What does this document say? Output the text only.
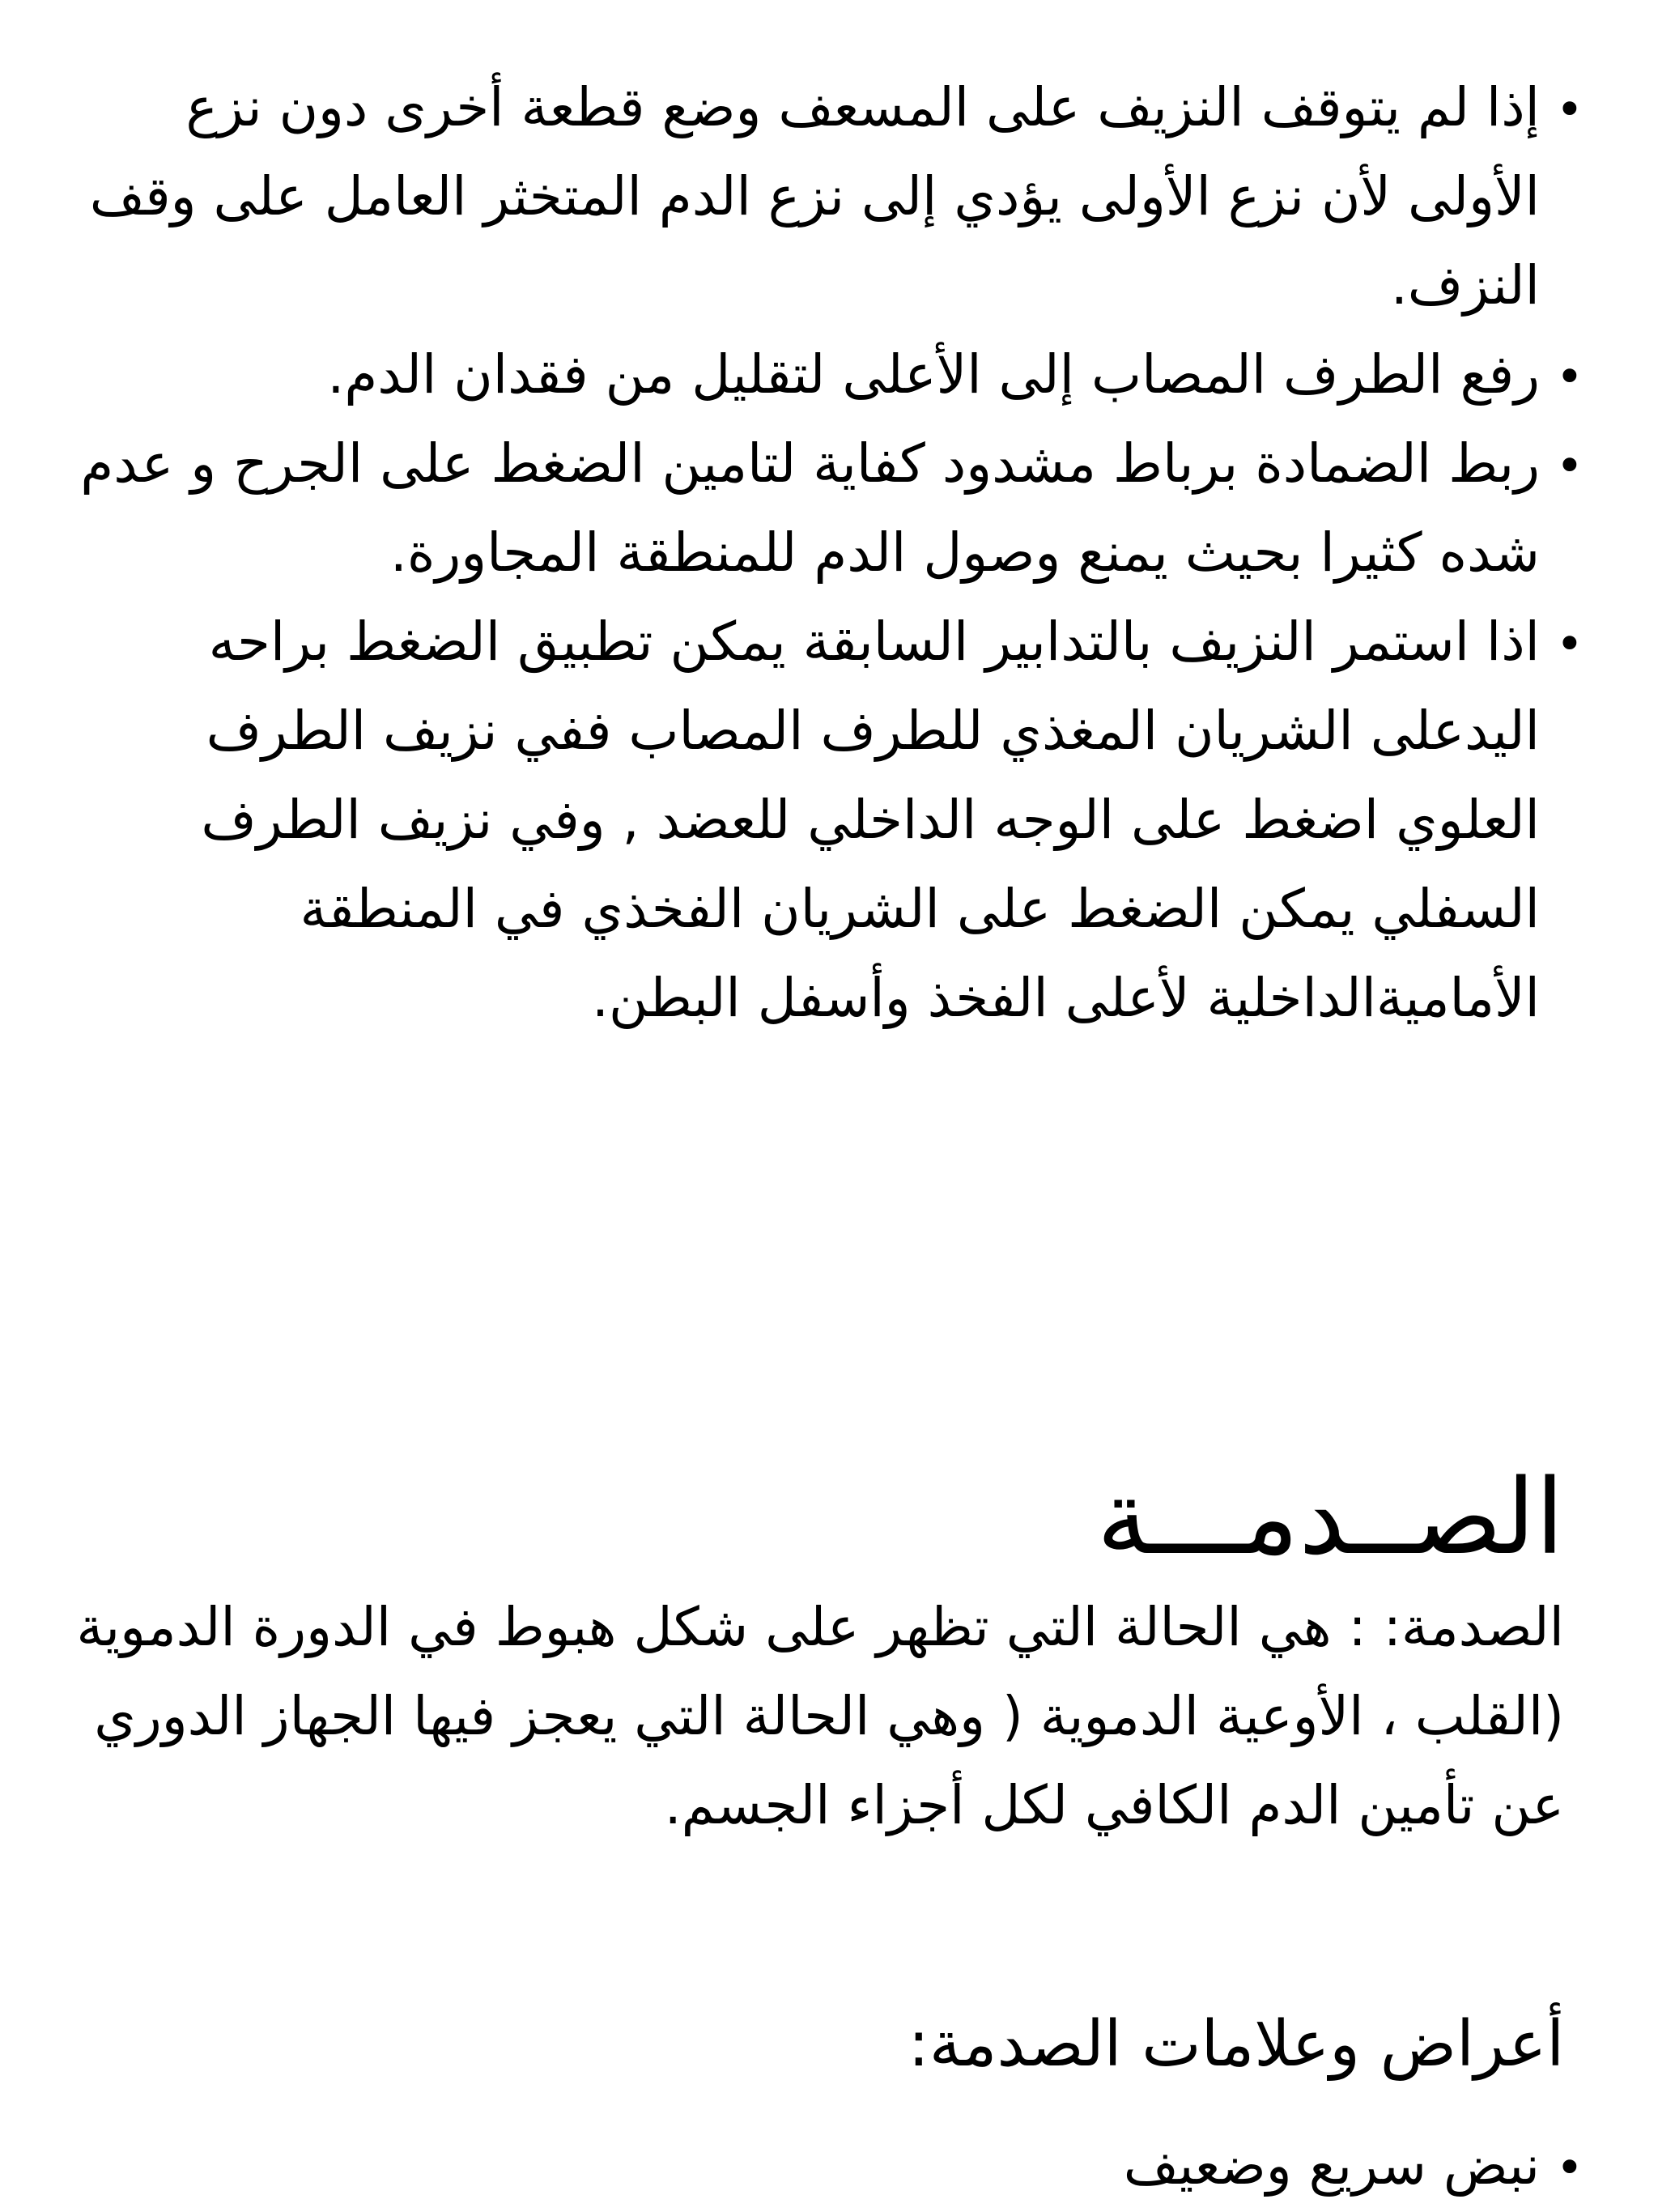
•
إذا لم يتوقف النزيف على المسعف وضع قطعة أخرى دون نزع الأولى لأن نزع الأولى يؤدي إلى نزع الدم المتخثر العامل على وقف النزف.
•
رفع الطرف المصاب إلى الأعلى لتقليل من فقدان الدم.
•
ربط الضمادة برباط مشدود كفاية لتامين الضغط على الجرح و عدم شده كثيرا بحيث يمنع وصول الدم للمنطقة المجاورة.
•
اذا استمر النزيف بالتدابير السابقة يمكن تطبيق الضغط براحه اليدعلى الشريان المغذي للطرف المصاب ففي نزيف الطرف العلوي اضغط على الوجه الداخلي للعضد , وفي نزيف الطرف السفلي يمكن الضغط على الشريان الفخذي في المنطقة الأماميةالداخلية لأعلى الفخذ وأسفل البطن.
الصــدمـــة

الصدمة: : هي الحالة التي تظهر على شكل هبوط في الدورة الدموية (القلب ، الأوعية الدموية ( وهي الحالة التي يعجز فيها الجهاز الدوري عن تأمين الدم الكافي لكل أجزاء الجسم.

أعراض وعلامات الصدمة:
•
نبض سريع وضعيف
